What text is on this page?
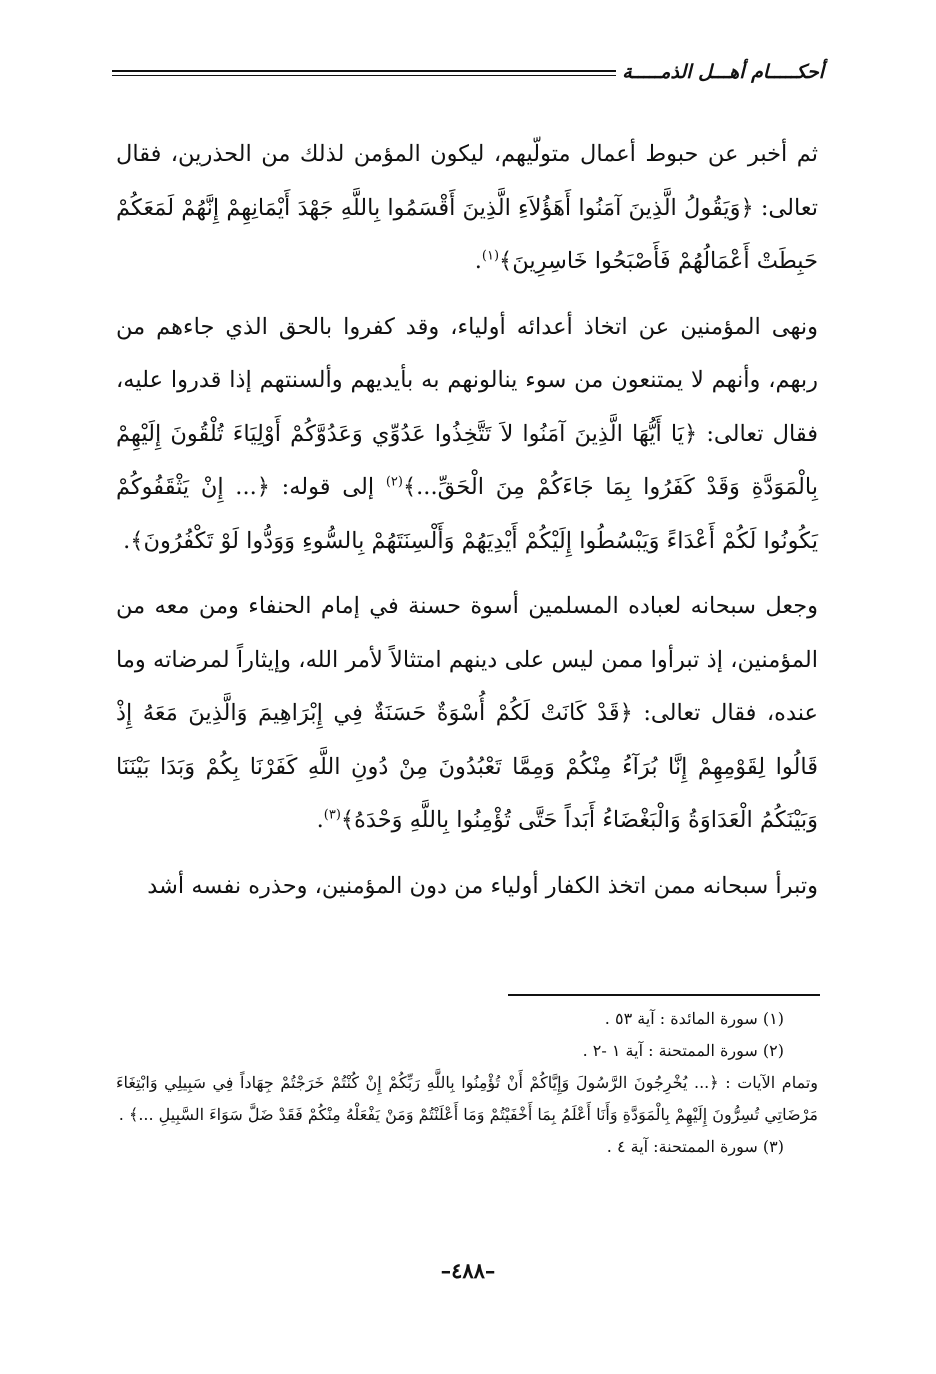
أحكـــــام أهـــل الذمـــــة

ثم أخبر عن حبوط أعمال متولّيهم، ليكون المؤمن لذلك من الحذرين، فقال تعالى: ﴿وَيَقُولُ الَّذِينَ آمَنُوا أَهَؤُلاَءِ الَّذِينَ أَقْسَمُوا بِاللَّهِ جَهْدَ أَيْمَانِهِمْ إِنَّهُمْ لَمَعَكُمْ حَبِطَتْ أَعْمَالُهُمْ فَأَصْبَحُوا خَاسِرِينَ﴾$^{(١)}$.

ونهى المؤمنين عن اتخاذ أعدائه أولياء، وقد كفروا بالحق الذي جاءهم من ربهم، وأنهم لا يمتنعون من سوء ينالونهم به بأيديهم وألسنتهم إذا قدروا عليه، فقال تعالى: ﴿يَا أَيُّهَا الَّذِينَ آمَنُوا لاَ تَتَّخِذُوا عَدُوِّي وَعَدُوَّكُمْ أَوْلِيَاءَ تُلْقُونَ إِلَيْهِمْ بِالْمَوَدَّةِ وَقَدْ كَفَرُوا بِمَا جَاءَكُمْ مِنَ الْحَقِّ...﴾$^{(٢)}$ إلى قوله: ﴿... إِنْ يَثْقَفُوكُمْ يَكُونُوا لَكُمْ أَعْدَاءً وَيَبْسُطُوا إِلَيْكُمْ أَيْدِيَهُمْ وَأَلْسِنَتَهُمْ بِالسُّوءِ وَوَدُّوا لَوْ تَكْفُرُونَ﴾.

وجعل سبحانه لعباده المسلمين أسوة حسنة في إمام الحنفاء ومن معه من المؤمنين، إذ تبرأوا ممن ليس على دينهم امتثالاً لأمر الله، وإيثاراً لمرضاته وما عنده، فقال تعالى: ﴿قَدْ كَانَتْ لَكُمْ أُسْوَةٌ حَسَنَةٌ فِي إِبْرَاهِيمَ وَالَّذِينَ مَعَهُ إِذْ قَالُوا لِقَوْمِهِمْ إِنَّا بُرَآءُ مِنْكُمْ وَمِمَّا تَعْبُدُونَ مِنْ دُونِ اللَّهِ كَفَرْنَا بِكُمْ وَبَدَا بَيْنَنَا وَبَيْنَكُمُ الْعَدَاوَةُ وَالْبَغْضَاءُ أَبَداً حَتَّى تُؤْمِنُوا بِاللَّهِ وَحْدَهُ﴾$^{(٣)}$.

وتبرأ سبحانه ممن اتخذ الكفار أولياء من دون المؤمنين، وحذره نفسه أشد

(١) سورة المائدة : آية ٥٣ .

(٢) سورة الممتحنة : آية ١ -٢ .

وتمام الآيات : ﴿... يُخْرِجُونَ الرَّسُولَ وَإِيَّاكُمْ أَنْ تُؤْمِنُوا بِاللَّهِ رَبِّكُمْ إِنْ كُنْتُمْ خَرَجْتُمْ جِهَاداً فِي سَبِيلِي وَابْتِغَاءَ مَرْضَاتِي تُسِرُّونَ إِلَيْهِمْ بِالْمَوَدَّةِ وَأَنَا أَعْلَمُ بِمَا أَخْفَيْتُمْ وَمَا أَعْلَنْتُمْ وَمَنْ يَفْعَلْهُ مِنْكُمْ فَقَدْ ضَلَّ سَوَاءَ السَّبِيلِ ...﴾ .

(٣) سورة الممتحنة: آية ٤ .

–٤٨٨–
